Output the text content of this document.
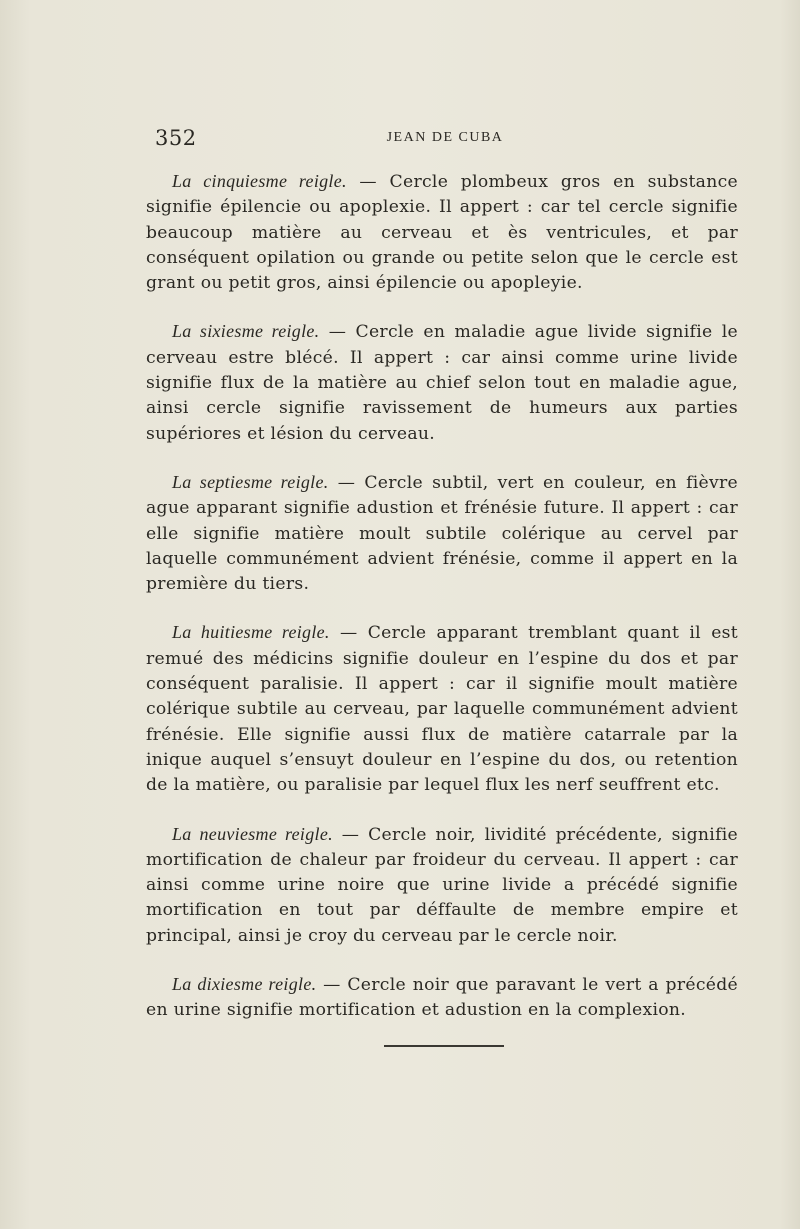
352	JEAN DE CUBA

La cinquiesme reigle. — Cercle plombeux gros en substance signifie épilencie ou apoplexie. Il appert : car tel cercle signifie beaucoup matière au cerveau et ès ventricules, et par conséquent opilation ou grande ou petite selon que le cercle est grant ou petit gros, ainsi épilencie ou apopleyie.

La sixiesme reigle. — Cercle en maladie ague livide signifie le cerveau estre blécé. Il appert : car ainsi comme urine livide signifie flux de la matière au chief selon tout en maladie ague, ainsi cercle signifie ravissement de humeurs aux parties supériores et lésion du cerveau.

La septiesme reigle. — Cercle subtil, vert en couleur, en fièvre ague apparant signifie adustion et frénésie future. Il appert : car elle signifie matière moult subtile colérique au cervel par laquelle communément advient frénésie, comme il appert en la première du tiers.

La huitiesme reigle. — Cercle apparant tremblant quant il est remué des médicins signifie douleur en l’espine du dos et par conséquent paralisie. Il appert : car il signifie moult matière colérique subtile au cerveau, par laquelle communément advient frénésie. Elle signifie aussi flux de matière catarrale par la inique auquel s’ensuyt douleur en l’espine du dos, ou retention de la matière, ou paralisie par lequel flux les nerf seuffrent etc.

La neuviesme reigle. — Cercle noir, lividité précédente, signifie mortification de chaleur par froideur du cerveau. Il appert : car ainsi comme urine noire que urine livide a précédé signifie mortification en tout par déffaulte de membre empire et principal, ainsi je croy du cerveau par le cercle noir.

La dixiesme reigle. — Cercle noir que paravant le vert a précédé en urine signifie mortification et adustion en la complexion.
